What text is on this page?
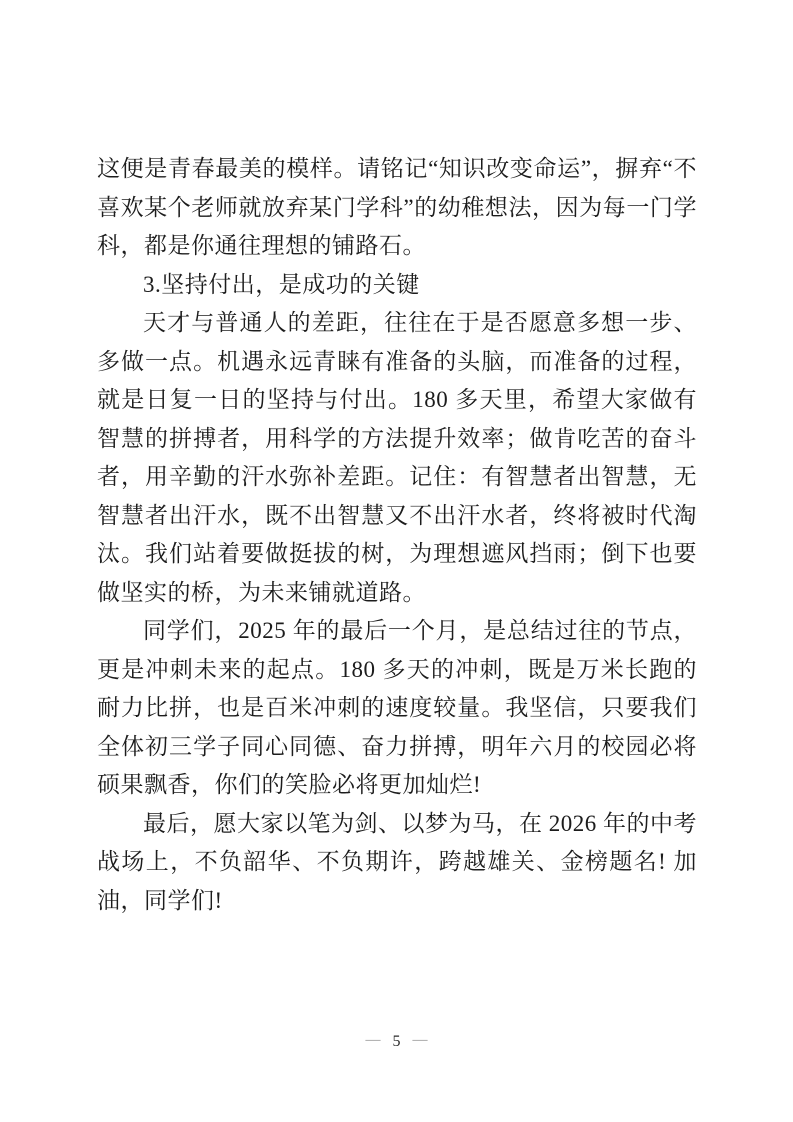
这便是青春最美的模样。请铭记“知识改变命运”，摒弃“不喜欢某个老师就放弃某门学科”的幼稚想法，因为每一门学科，都是你通往理想的铺路石。

3.坚持付出，是成功的关键

天才与普通人的差距，往往在于是否愿意多想一步、多做一点。机遇永远青睐有准备的头脑，而准备的过程，就是日复一日的坚持与付出。180 多天里，希望大家做有智慧的拼搏者，用科学的方法提升效率；做肯吃苦的奋斗者，用辛勤的汗水弥补差距。记住：有智慧者出智慧，无智慧者出汗水，既不出智慧又不出汗水者，终将被时代淘汰。我们站着要做挺拔的树，为理想遮风挡雨；倒下也要做坚实的桥，为未来铺就道路。

同学们，2025 年的最后一个月，是总结过往的节点，更是冲刺未来的起点。180 多天的冲刺，既是万米长跑的耐力比拼，也是百米冲刺的速度较量。我坚信，只要我们全体初三学子同心同德、奋力拼搏，明年六月的校园必将硕果飘香，你们的笑脸必将更加灿烂!

最后，愿大家以笔为剑、以梦为马，在 2026 年的中考战场上，不负韶华、不负期许，跨越雄关、金榜题名! 加油，同学们!

— 5 —
